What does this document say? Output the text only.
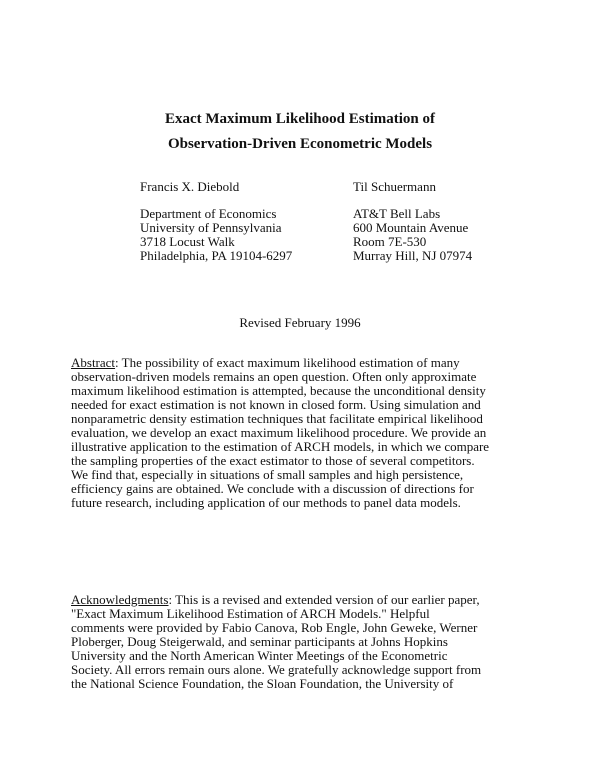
Exact Maximum Likelihood Estimation of
Observation-Driven Econometric Models
Francis X. Diebold	Til Schuermann
Department of Economics
University of Pennsylvania
3718 Locust Walk
Philadelphia, PA 19104-6297
AT&T Bell Labs
600 Mountain Avenue
Room 7E-530
Murray Hill, NJ 07974
Revised February 1996
Abstract: The possibility of exact maximum likelihood estimation of many
observation-driven models remains an open question. Often only approximate
maximum likelihood estimation is attempted, because the unconditional density
needed for exact estimation is not known in closed form. Using simulation and
nonparametric density estimation techniques that facilitate empirical likelihood
evaluation, we develop an exact maximum likelihood procedure. We provide an
illustrative application to the estimation of ARCH models, in which we compare
the sampling properties of the exact estimator to those of several competitors.
We find that, especially in situations of small samples and high persistence,
efficiency gains are obtained. We conclude with a discussion of directions for
future research, including application of our methods to panel data models.
Acknowledgments: This is a revised and extended version of our earlier paper,
"Exact Maximum Likelihood Estimation of ARCH Models." Helpful
comments were provided by Fabio Canova, Rob Engle, John Geweke, Werner
Ploberger, Doug Steigerwald, and seminar participants at Johns Hopkins
University and the North American Winter Meetings of the Econometric
Society. All errors remain ours alone. We gratefully acknowledge support from
the National Science Foundation, the Sloan Foundation, the University of
